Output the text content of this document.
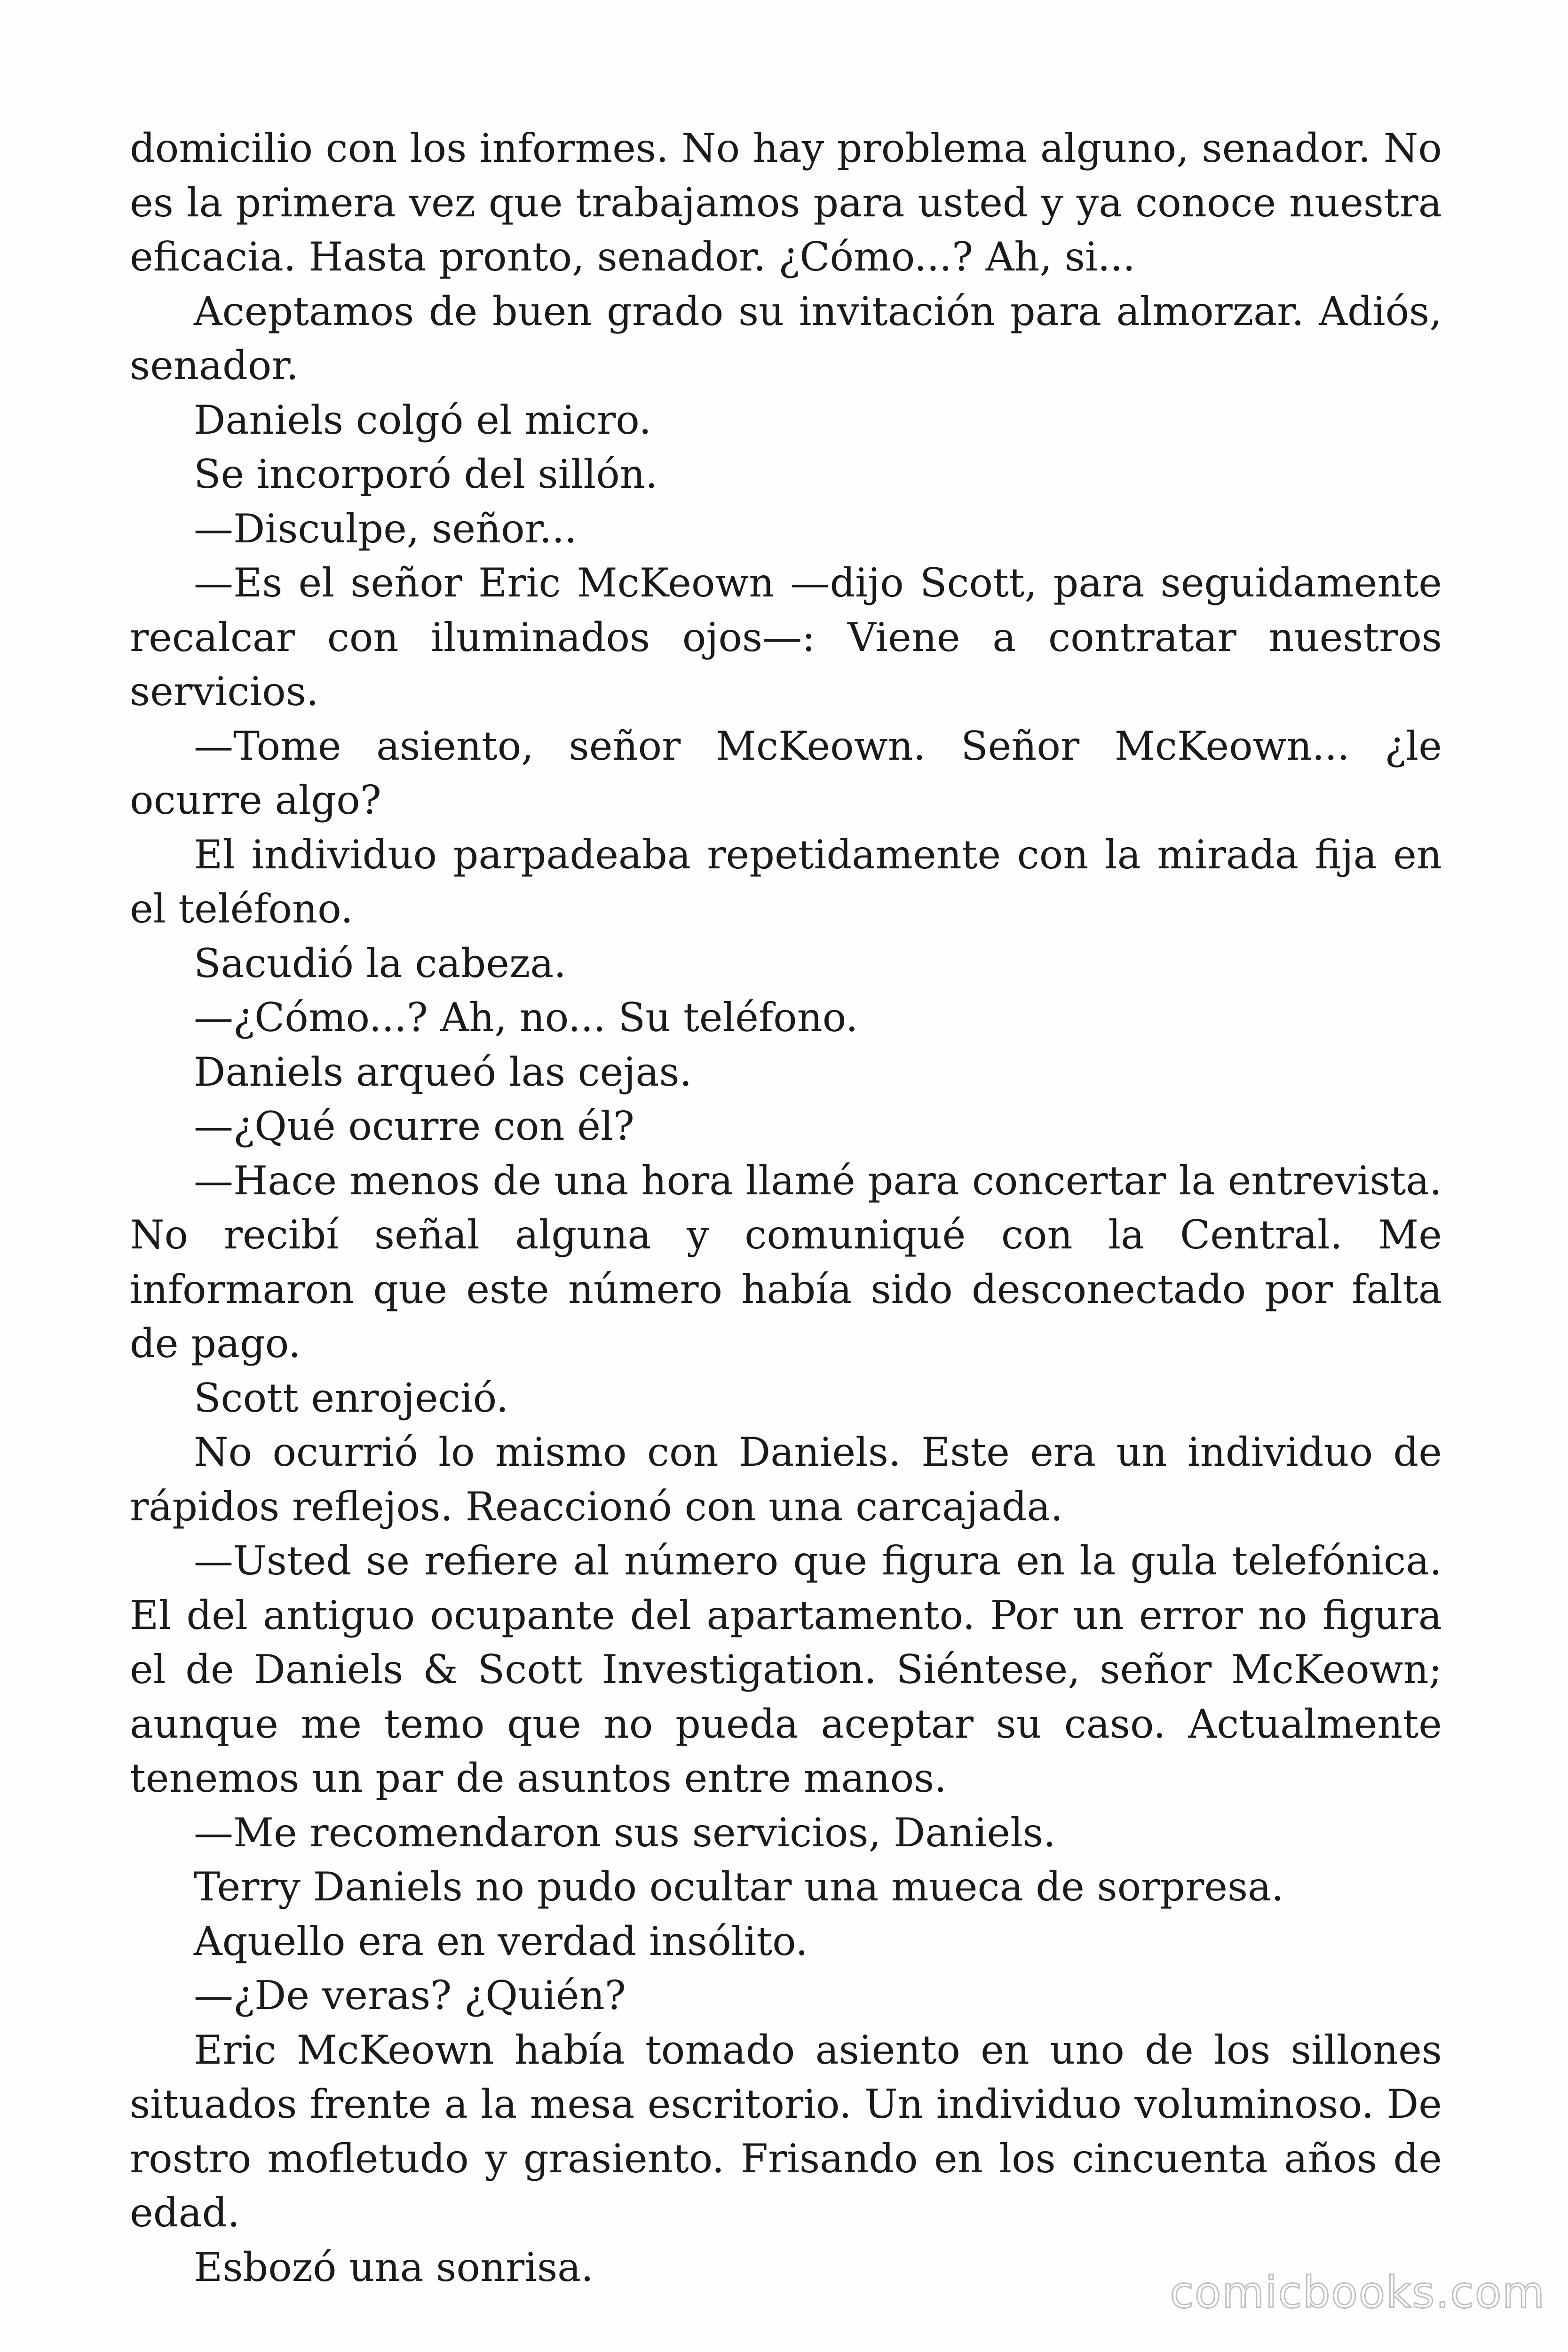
domicilio con los informes. No hay problema alguno, senador. No es la primera vez que trabajamos para usted y ya conoce nuestra eficacia. Hasta pronto, senador. ¿Cómo...? Ah, si...

Aceptamos de buen grado su invitación para almorzar. Adiós, senador.

Daniels colgó el micro.

Se incorporó del sillón.

—Disculpe, señor...

—Es el señor Eric McKeown —dijo Scott, para seguidamente recalcar con iluminados ojos—: Viene a contratar nuestros servicios.

—Tome asiento, señor McKeown. Señor McKeown... ¿le ocurre algo?

El individuo parpadeaba repetidamente con la mirada fija en el teléfono.

Sacudió la cabeza.

—¿Cómo...? Ah, no... Su teléfono.

Daniels arqueó las cejas.

—¿Qué ocurre con él?

—Hace menos de una hora llamé para concertar la entrevista. No recibí señal alguna y comuniqué con la Central. Me informaron que este número había sido desconectado por falta de pago.

Scott enrojeció.

No ocurrió lo mismo con Daniels. Este era un individuo de rápidos reflejos. Reaccionó con una carcajada.

—Usted se refiere al número que figura en la gula telefónica. El del antiguo ocupante del apartamento. Por un error no figura el de Daniels & Scott Investigation. Siéntese, señor McKeown; aunque me temo que no pueda aceptar su caso. Actualmente tenemos un par de asuntos entre manos.

—Me recomendaron sus servicios, Daniels.

Terry Daniels no pudo ocultar una mueca de sorpresa.

Aquello era en verdad insólito.

—¿De veras? ¿Quién?

Eric McKeown había tomado asiento en uno de los sillones situados frente a la mesa escritorio. Un individuo voluminoso. De rostro mofletudo y grasiento. Frisando en los cincuenta años de edad.

Esbozó una sonrisa.

comicbooks.com
